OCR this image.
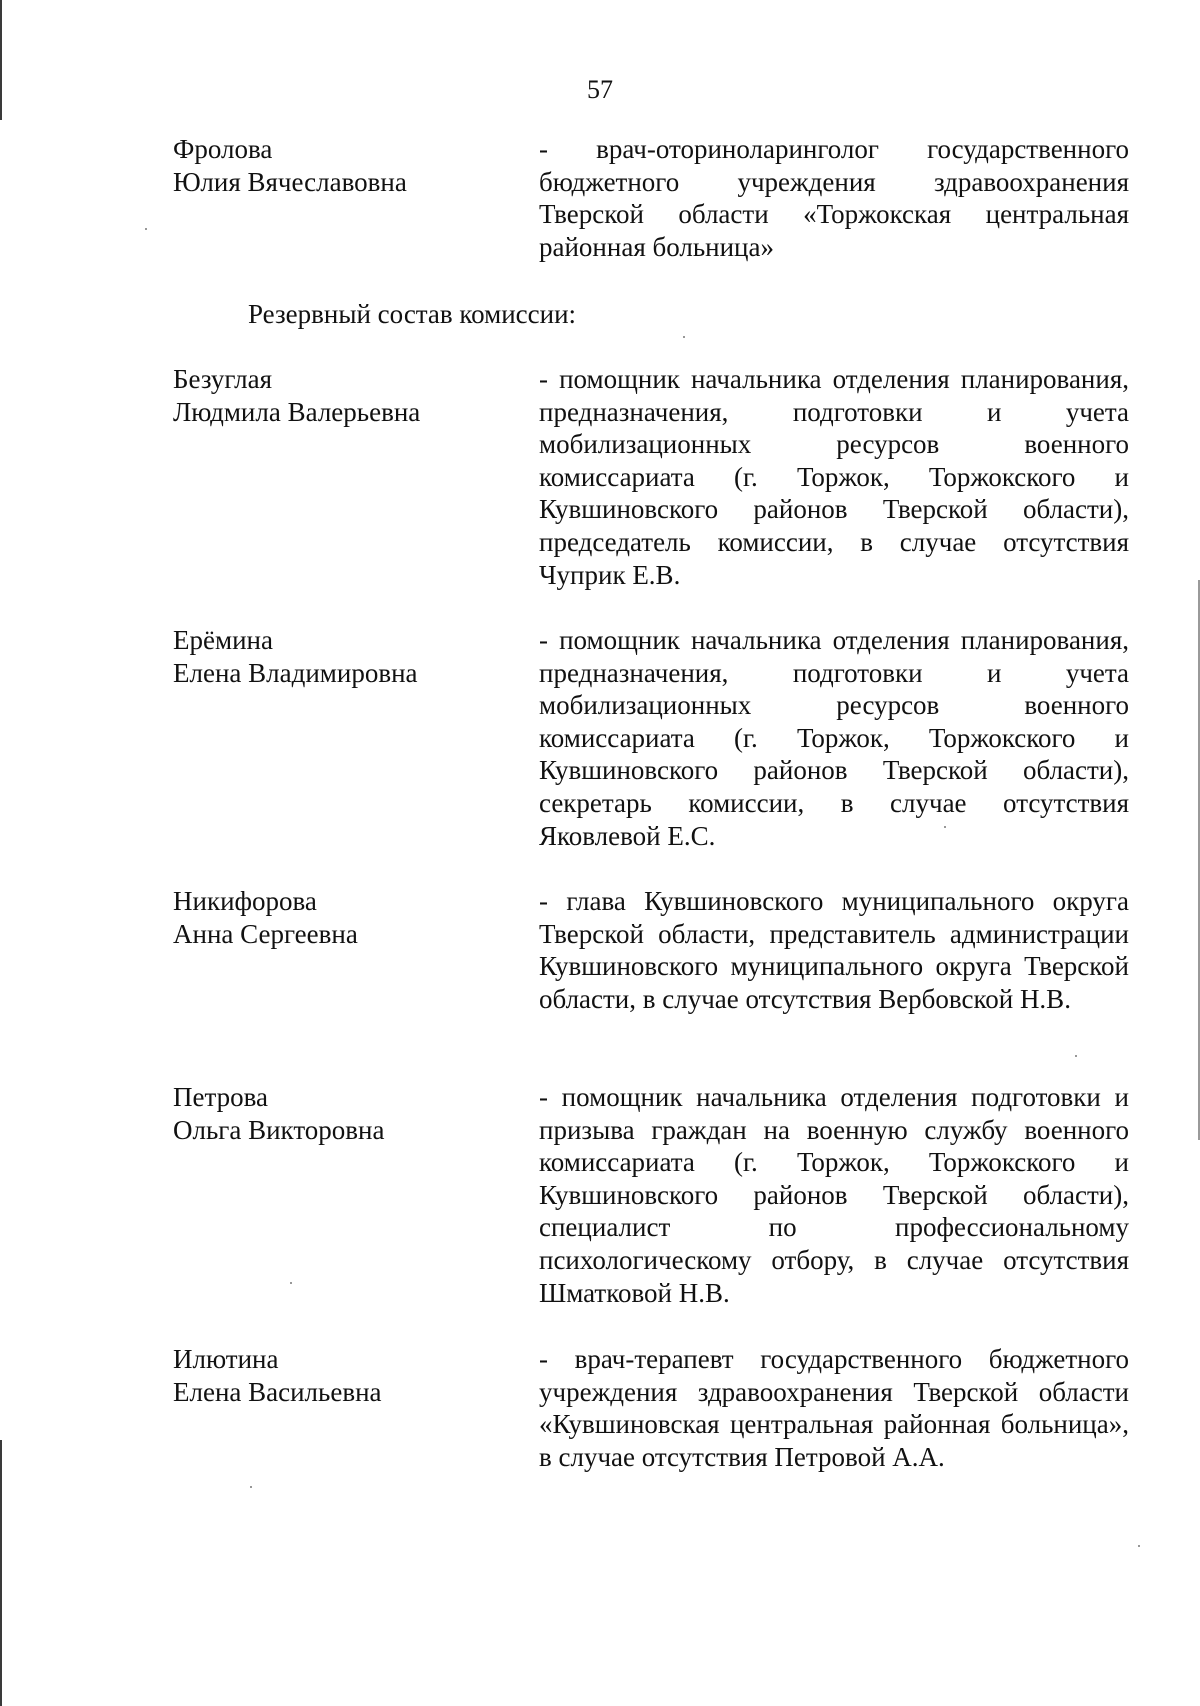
57
Фролова
Юлия Вячеславовна
- врач-оториноларинголог государственного бюджетного учреждения здравоохранения Тверской области «Торжокская центральная районная больница»
Резервный состав комиссии:
Безуглая
Людмила Валерьевна
- помощник начальника отделения планирования, предназначения, подготовки и учета мобилизационных ресурсов военного комиссариата (г. Торжок, Торжокского и Кувшиновского районов Тверской области), председатель комиссии, в случае отсутствия Чуприк Е.В.
Ерёмина
Елена Владимировна
- помощник начальника отделения планирования, предназначения, подготовки и учета мобилизационных ресурсов военного комиссариата (г. Торжок, Торжокского и Кувшиновского районов Тверской области), секретарь комиссии, в случае отсутствия Яковлевой Е.С.
Никифорова
Анна Сергеевна
- глава Кувшиновского муниципального округа Тверской области, представитель администрации Кувшиновского муниципального округа Тверской области, в случае отсутствия Вербовской Н.В.
Петрова
Ольга Викторовна
- помощник начальника отделения подготовки и призыва граждан на военную службу военного комиссариата (г. Торжок, Торжокского и Кувшиновского районов Тверской области), специалист по профессиональному психологическому отбору, в случае отсутствия Шматковой Н.В.
Илютина
Елена Васильевна
- врач-терапевт государственного бюджетного учреждения здравоохранения Тверской области «Кувшиновская центральная районная больница», в случае отсутствия Петровой А.А.
